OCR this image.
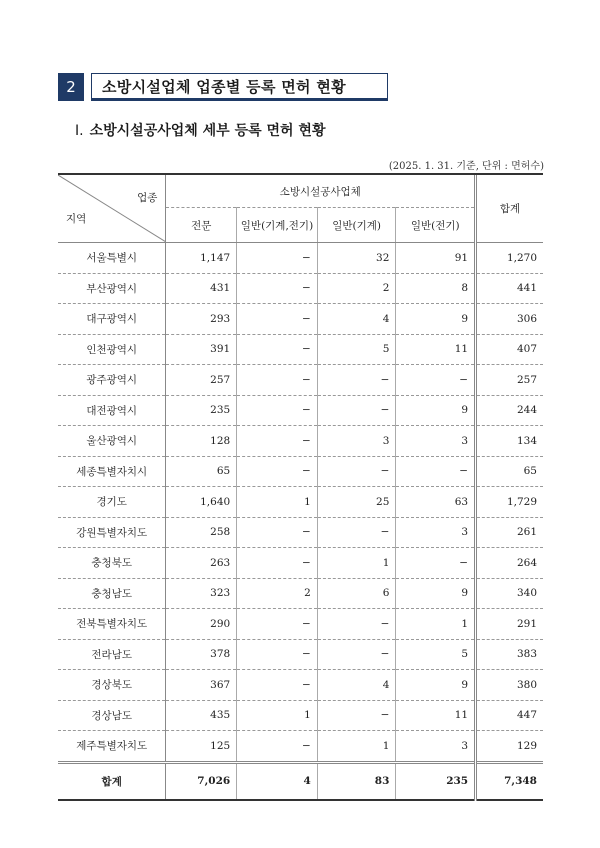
2	소방시설업체 업종별 등록 면허 현황
Ⅰ. 소방시설공사업체 세부 등록 면허 현황
(2025. 1. 31. 기준, 단위 : 면허수)
업종
지역	소방시설공사업체				합계
	전문	일반(기계,전기)	일반(기계)	일반(전기)	
서울특별시	1,147	−	32	91	1,270
부산광역시	431	−	2	8	441
대구광역시	293	−	4	9	306
인천광역시	391	−	5	11	407
광주광역시	257	−	−	−	257
대전광역시	235	−	−	9	244
울산광역시	128	−	3	3	134
세종특별자치시	65	−	−	−	65
경기도	1,640	1	25	63	1,729
강원특별자치도	258	−	−	3	261
충청북도	263	−	1	−	264
충청남도	323	2	6	9	340
전북특별자치도	290	−	−	1	291
전라남도	378	−	−	5	383
경상북도	367	−	4	9	380
경상남도	435	1	−	11	447
제주특별자치도	125	−	1	3	129
합계	7,026	4	83	235	7,348
